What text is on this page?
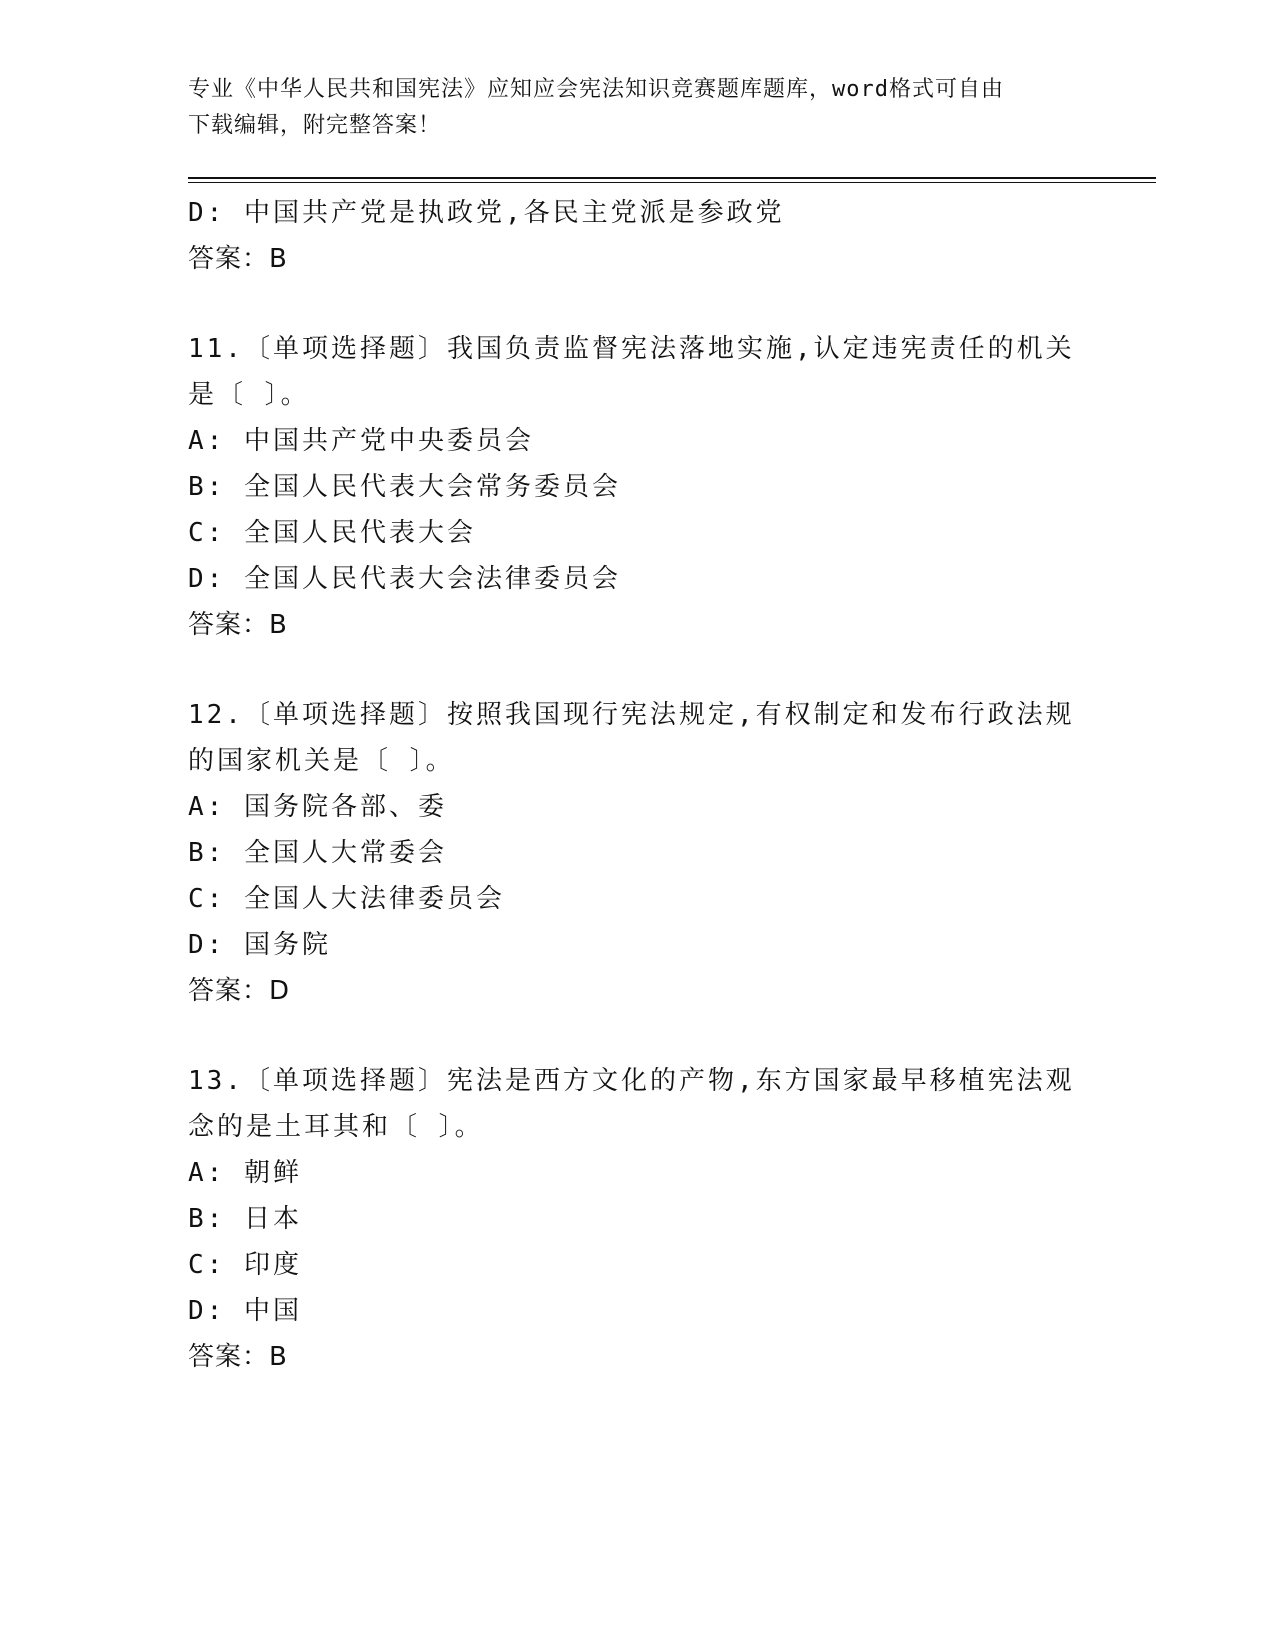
专业《中华人民共和国宪法》应知应会宪法知识竞赛题库题库，word格式可自由
下载编辑，附完整答案！
D: 中国共产党是执政党,各民主党派是参政党
答案：B
11.〔单项选择题〕我国负责监督宪法落地实施,认定违宪责任的机关
是〔 〕。
A: 中国共产党中央委员会
B: 全国人民代表大会常务委员会
C: 全国人民代表大会
D: 全国人民代表大会法律委员会
答案：B
12.〔单项选择题〕按照我国现行宪法规定,有权制定和发布行政法规
的国家机关是〔 〕。
A: 国务院各部、委
B: 全国人大常委会
C: 全国人大法律委员会
D: 国务院
答案：D
13.〔单项选择题〕宪法是西方文化的产物,东方国家最早移植宪法观
念的是土耳其和〔 〕。
A: 朝鲜
B: 日本
C: 印度
D: 中国
答案：B
